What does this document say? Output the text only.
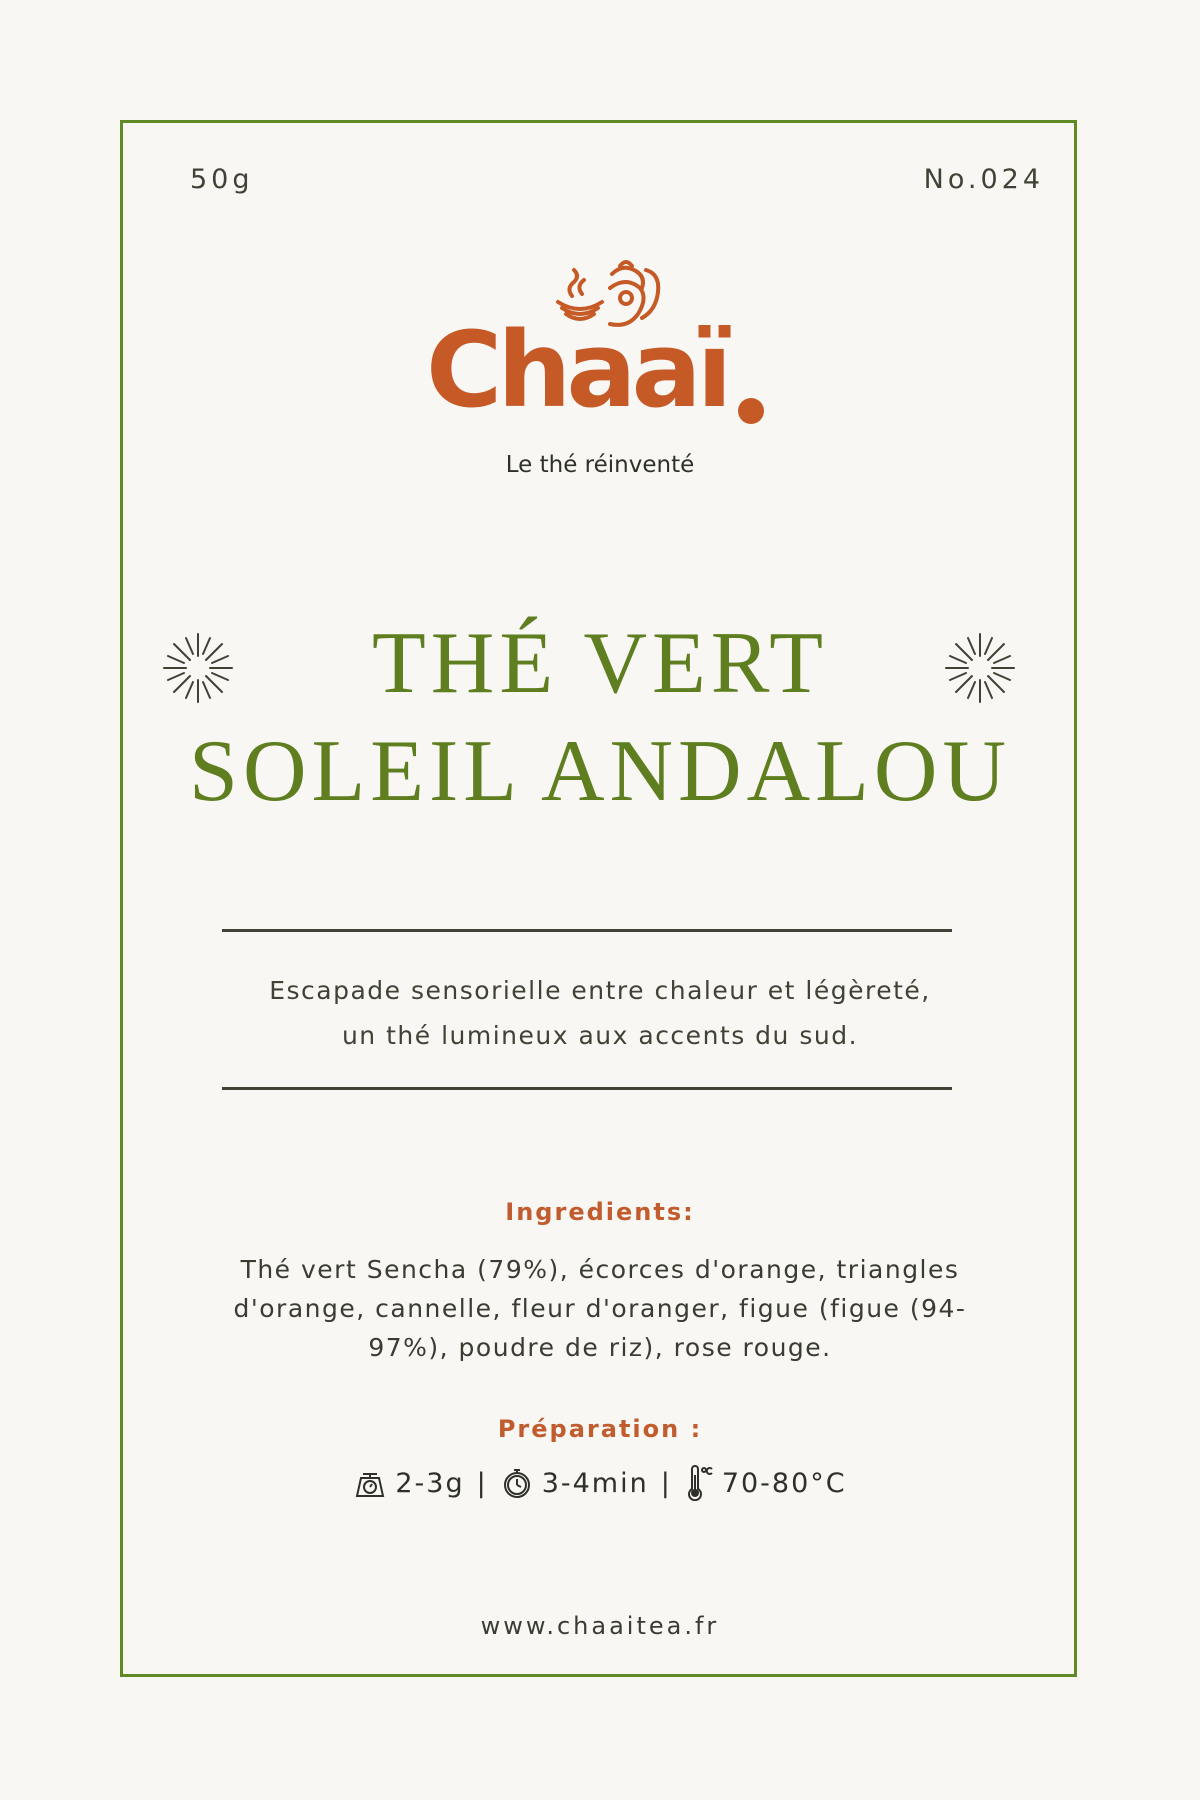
50g	No.024
Chaaï
Le thé réinventé
THÉ VERT
SOLEIL ANDALOU
Escapade sensorielle entre chaleur et légèreté,
un thé lumineux aux accents du sud.
Ingredients:
Thé vert Sencha (79%), écorces d'orange, triangles d'orange, cannelle, fleur d'oranger, figue (figue (94-97%), poudre de riz), rose rouge.
Préparation :
2-3g | 3-4min | 70-80°C
www.chaaitea.fr
